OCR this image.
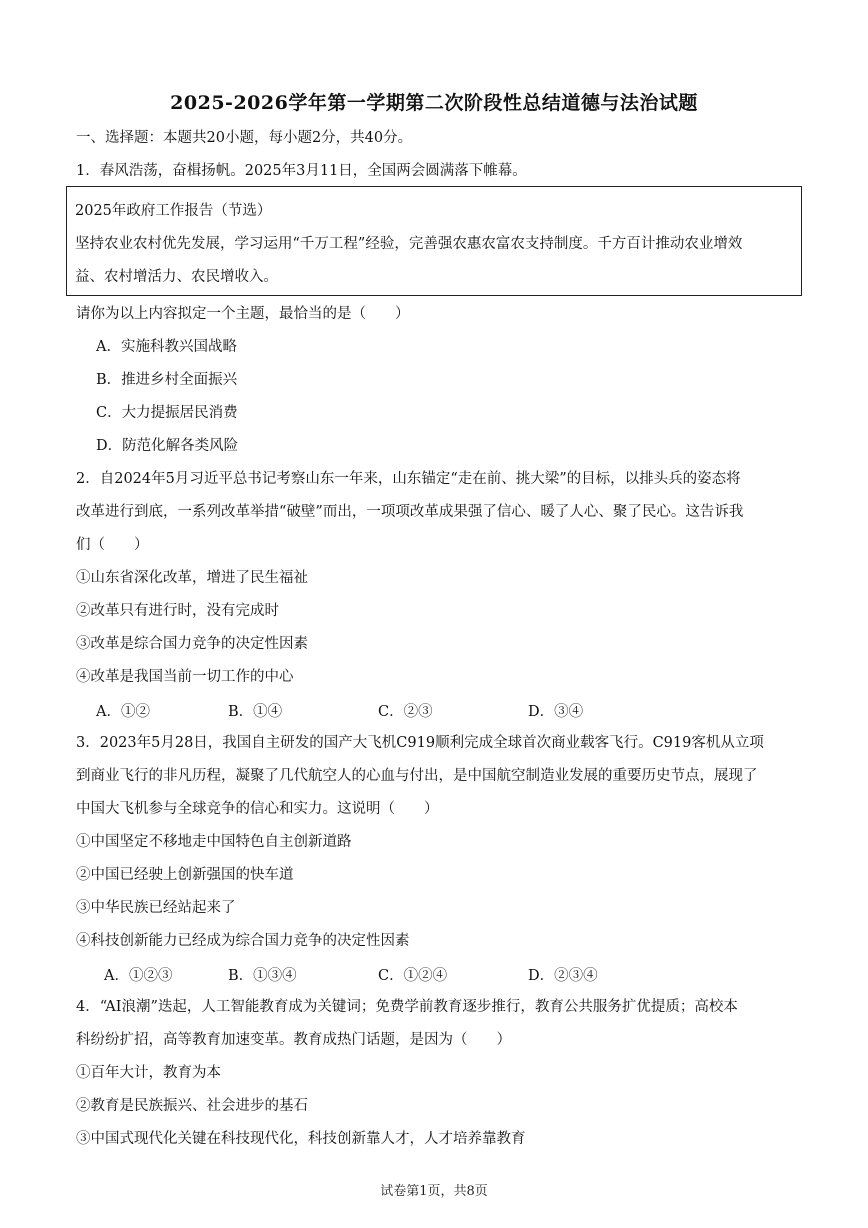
2025-2026学年第一学期第二次阶段性总结道德与法治试题
一、选择题：本题共20小题，每小题2分，共40分。
1．春风浩荡，奋楫扬帆。2025年3月11日，全国两会圆满落下帷幕。
2025年政府工作报告（节选）
坚持农业农村优先发展，学习运用“千万工程”经验，完善强农惠农富农支持制度。千方百计推动农业增效
益、农村增活力、农民增收入。
请你为以上内容拟定一个主题，最恰当的是（　　）
A．实施科教兴国战略
B．推进乡村全面振兴
C．大力提振居民消费
D．防范化解各类风险
2．自2024年5月习近平总书记考察山东一年来，山东锚定“走在前、挑大梁”的目标，以排头兵的姿态将
改革进行到底，一系列改革举措“破壁”而出，一项项改革成果强了信心、暖了人心、聚了民心。这告诉我
们（　　）
①山东省深化改革，增进了民生福祉
②改革只有进行时，没有完成时
③改革是综合国力竞争的决定性因素
④改革是我国当前一切工作的中心
A．①②	B．①④	C．②③	D．③④
3．2023年5月28日，我国自主研发的国产大飞机C919顺利完成全球首次商业载客飞行。C919客机从立项
到商业飞行的非凡历程，凝聚了几代航空人的心血与付出，是中国航空制造业发展的重要历史节点，展现了
中国大飞机参与全球竞争的信心和实力。这说明（　　）
①中国坚定不移地走中国特色自主创新道路
②中国已经驶上创新强国的快车道
③中华民族已经站起来了
④科技创新能力已经成为综合国力竞争的决定性因素
A．①②③	B．①③④	C．①②④	D．②③④
4．“AI浪潮”迭起，人工智能教育成为关键词；免费学前教育逐步推行，教育公共服务扩优提质；高校本
科纷纷扩招，高等教育加速变革。教育成热门话题，是因为（　　）
①百年大计，教育为本
②教育是民族振兴、社会进步的基石
③中国式现代化关键在科技现代化，科技创新靠人才，人才培养靠教育
试卷第1页，共8页
